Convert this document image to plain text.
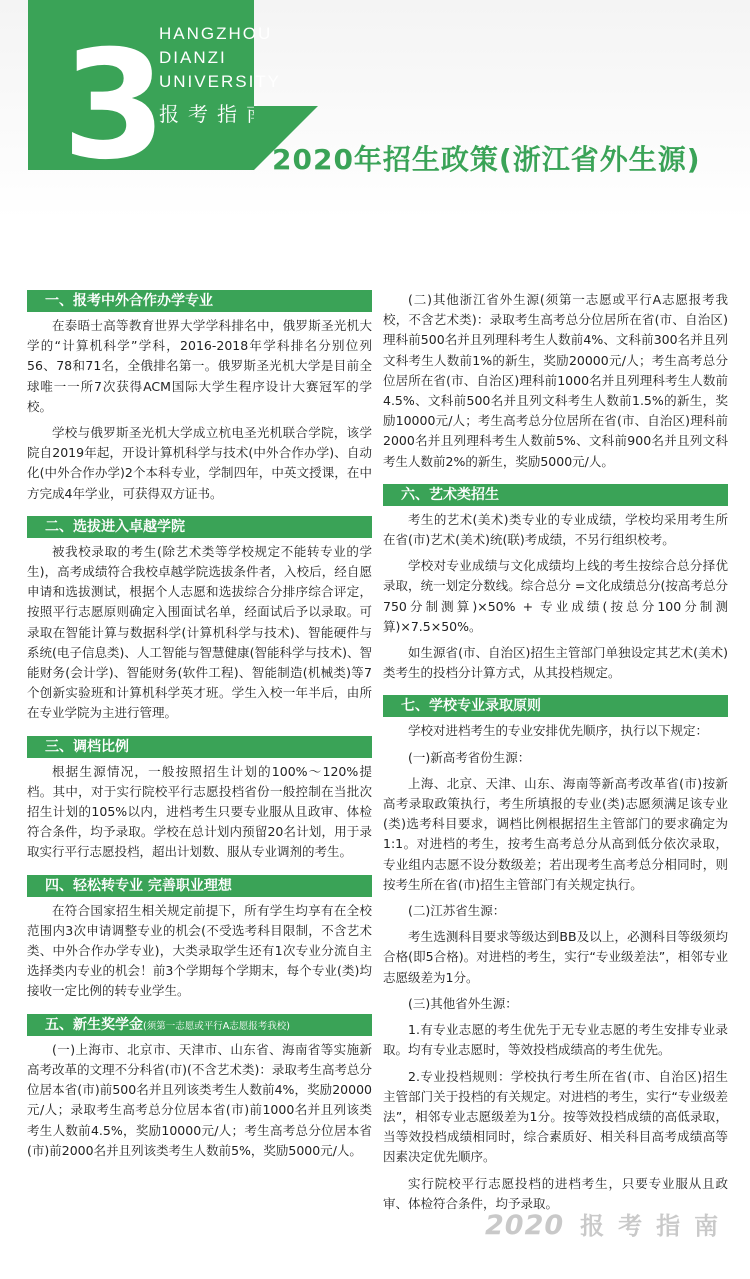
3
HANGZHOU
DIANZI
UNIVERSITY
报考指南
2020年招生政策(浙江省外生源)
一、报考中外合作办学专业

在泰晤士高等教育世界大学学科排名中，俄罗斯圣光机大学的“计算机科学”学科，2016-2018年学科排名分别位列56、78和71名，全俄排名第一。俄罗斯圣光机大学是目前全球唯一一所7次获得ACM国际大学生程序设计大赛冠军的学校。

学校与俄罗斯圣光机大学成立杭电圣光机联合学院，该学院自2019年起，开设计算机科学与技术(中外合作办学)、自动化(中外合作办学)2个本科专业，学制四年，中英文授课，在中方完成4年学业，可获得双方证书。

二、选拔进入卓越学院

被我校录取的考生(除艺术类等学校规定不能转专业的学生)，高考成绩符合我校卓越学院选拔条件者，入校后，经自愿申请和选拔测试，根据个人志愿和选拔综合分排序综合评定，按照平行志愿原则确定入围面试名单，经面试后予以录取。可录取在智能计算与数据科学(计算机科学与技术)、智能硬件与系统(电子信息类)、人工智能与智慧健康(智能科学与技术)、智能财务(会计学)、智能财务(软件工程)、智能制造(机械类)等7个创新实验班和计算机科学英才班。学生入校一年半后，由所在专业学院为主进行管理。

三、调档比例

根据生源情况，一般按照招生计划的100%～120%提档。其中，对于实行院校平行志愿投档省份一般控制在当批次招生计划的105%以内，进档考生只要专业服从且政审、体检符合条件，均予录取。学校在总计划内预留20名计划，用于录取实行平行志愿投档，超出计划数、服从专业调剂的考生。

四、轻松转专业 完善职业理想

在符合国家招生相关规定前提下，所有学生均享有在全校范围内3次申请调整专业的机会(不受选考科目限制，不含艺术类、中外合作办学专业)，大类录取学生还有1次专业分流自主选择类内专业的机会！前3个学期每个学期末，每个专业(类)均接收一定比例的转专业学生。

五、新生奖学金(须第一志愿或平行A志愿报考我校)

(一)上海市、北京市、天津市、山东省、海南省等实施新高考改革的文理不分科省(市)(不含艺术类)：录取考生高考总分位居本省(市)前500名并且列该类考生人数前4%，奖励20000元/人；录取考生高考总分位居本省(市)前1000名并且列该类考生人数前4.5%，奖励10000元/人；考生高考总分位居本省(市)前2000名并且列该类考生人数前5%，奖励5000元/人。

(二)其他浙江省外生源(须第一志愿或平行A志愿报考我校，不含艺术类)：录取考生高考总分位居所在省(市、自治区)理科前500名并且列理科考生人数前4%、文科前300名并且列文科考生人数前1%的新生，奖励20000元/人；考生高考总分位居所在省(市、自治区)理科前1000名并且列理科考生人数前4.5%、文科前500名并且列文科考生人数前1.5%的新生，奖励10000元/人；考生高考总分位居所在省(市、自治区)理科前2000名并且列理科考生人数前5%、文科前900名并且列文科考生人数前2%的新生，奖励5000元/人。

六、艺术类招生

考生的艺术(美术)类专业的专业成绩，学校均采用考生所在省(市)艺术(美术)统(联)考成绩，不另行组织校考。

学校对专业成绩与文化成绩均上线的考生按综合总分择优录取，统一划定分数线。综合总分 =文化成绩总分(按高考总分750分制测算)×50% + 专业成绩(按总分100分制测算)×7.5×50%。

如生源省(市、自治区)招生主管部门单独设定其艺术(美术)类考生的投档分计算方式，从其投档规定。

七、学校专业录取原则

学校对进档考生的专业安排优先顺序，执行以下规定：

(一)新高考省份生源：

上海、北京、天津、山东、海南等新高考改革省(市)按新高考录取政策执行，考生所填报的专业(类)志愿须满足该专业(类)选考科目要求，调档比例根据招生主管部门的要求确定为1:1。对进档的考生，按考生高考总分从高到低分依次录取，专业组内志愿不设分数级差；若出现考生高考总分相同时，则按考生所在省(市)招生主管部门有关规定执行。

(二)江苏省生源：

考生选测科目要求等级达到BB及以上，必测科目等级须均合格(即5合格)。对进档的考生，实行“专业级差法”，相邻专业志愿级差为1分。

(三)其他省外生源：

1.有专业志愿的考生优先于无专业志愿的考生安排专业录取。均有专业志愿时，等效投档成绩高的考生优先。

2.专业投档规则：学校执行考生所在省(市、自治区)招生主管部门关于投档的有关规定。对进档的考生，实行“专业级差法”，相邻专业志愿级差为1分。按等效投档成绩的高低录取，当等效投档成绩相同时，综合素质好、相关科目高考成绩高等因素决定优先顺序。

实行院校平行志愿投档的进档考生，只要专业服从且政审、体检符合条件，均予录取。

2020 报考指南
